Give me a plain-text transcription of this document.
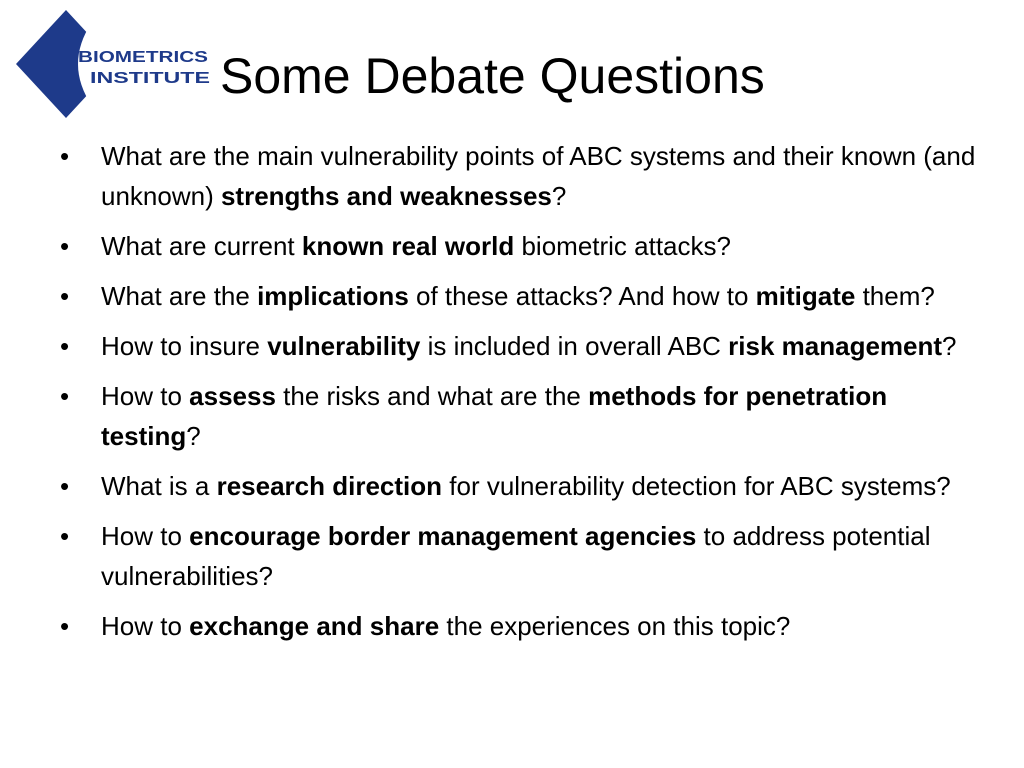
BIOMETRICS
INSTITUTE Some Debate Questions
• What are the main vulnerability points of ABC systems and their known (and unknown) strengths and weaknesses?
• What are current known real world biometric attacks?
• What are the implications of these attacks? And how to mitigate them?
• How to insure vulnerability is included in overall ABC risk management?
• How to assess the risks and what are the methods for penetration testing?
• What is a research direction for vulnerability detection for ABC systems?
• How to encourage border management agencies to address potential vulnerabilities?
• How to exchange and share the experiences on this topic?
